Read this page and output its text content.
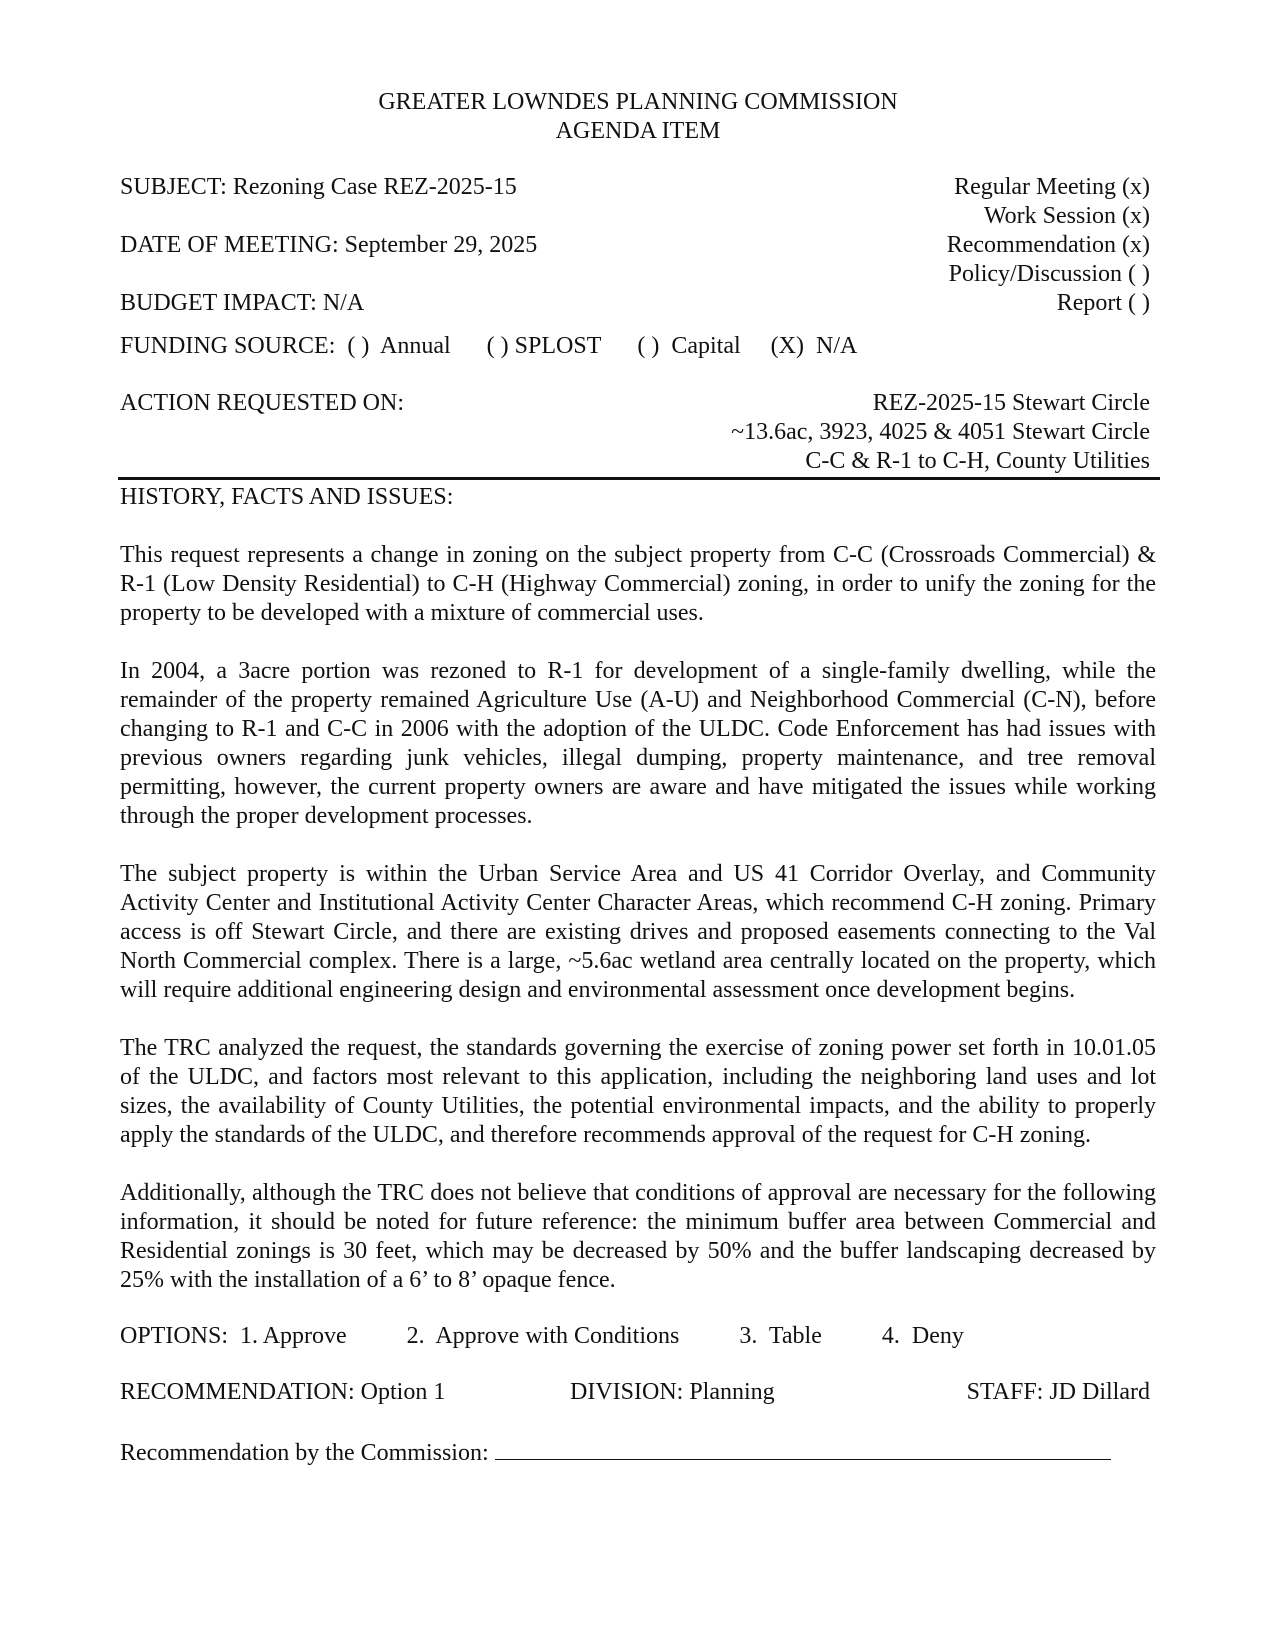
GREATER LOWNDES PLANNING COMMISSION
AGENDA ITEM
SUBJECT: Rezoning Case REZ-2025-15
DATE OF MEETING: September 29, 2025
BUDGET IMPACT: N/A
Regular Meeting (x)
Work Session (x)
Recommendation (x)
Policy/Discussion ( )
Report ( )
FUNDING SOURCE: ( )  Annual ( ) SPLOST ( )  Capital (X)  N/A
ACTION REQUESTED ON:	REZ-2025-15 Stewart Circle
~13.6ac, 3923, 4025 & 4051 Stewart Circle
C-C & R-1 to C-H, County Utilities
HISTORY, FACTS AND ISSUES:
This request represents a change in zoning on the subject property from C-C (Crossroads Commercial) & R-1 (Low Density Residential) to C-H (Highway Commercial) zoning, in order to unify the zoning for the property to be developed with a mixture of commercial uses.
In 2004, a 3acre portion was rezoned to R-1 for development of a single-family dwelling, while the remainder of the property remained Agriculture Use (A-U) and Neighborhood Commercial (C-N), before changing to R-1 and C-C in 2006 with the adoption of the ULDC. Code Enforcement has had issues with previous owners regarding junk vehicles, illegal dumping, property maintenance, and tree removal permitting, however, the current property owners are aware and have mitigated the issues while working through the proper development processes.
The subject property is within the Urban Service Area and US 41 Corridor Overlay, and Community Activity Center and Institutional Activity Center Character Areas, which recommend C-H zoning. Primary access is off Stewart Circle, and there are existing drives and proposed easements connecting to the Val North Commercial complex. There is a large, ~5.6ac wetland area centrally located on the property, which will require additional engineering design and environmental assessment once development begins.
The TRC analyzed the request, the standards governing the exercise of zoning power set forth in 10.01.05 of the ULDC, and factors most relevant to this application, including the neighboring land uses and lot sizes, the availability of County Utilities, the potential environmental impacts, and the ability to properly apply the standards of the ULDC, and therefore recommends approval of the request for C-H zoning.
Additionally, although the TRC does not believe that conditions of approval are necessary for the following information, it should be noted for future reference: the minimum buffer area between Commercial and Residential zonings is 30 feet, which may be decreased by 50% and the buffer landscaping decreased by 25% with the installation of a 6’ to 8’ opaque fence.
OPTIONS: 1. Approve	2.  Approve with Conditions	3.  Table	4.  Deny
RECOMMENDATION: Option 1	DIVISION: Planning	STAFF: JD Dillard
Recommendation by the Commission:
